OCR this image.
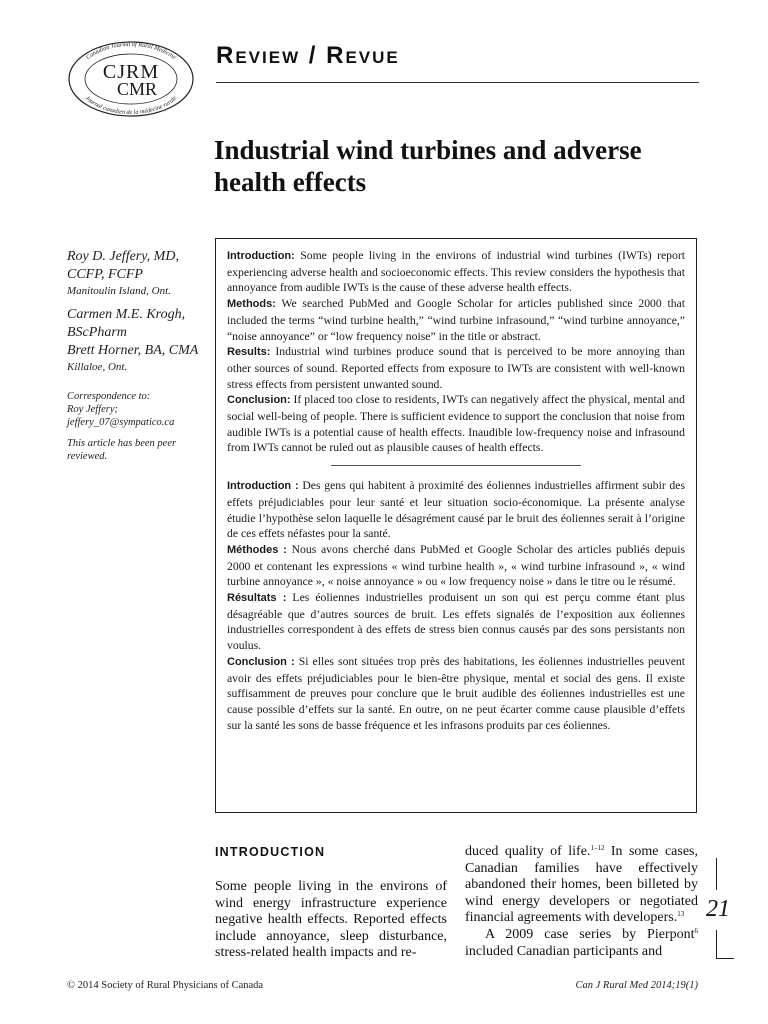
Canadian Journal of Rural Medicine
Journal canadien de la médecine rurale
CJRM
CMR
Review / Revue
Industrial wind turbines and adverse health effects
Roy D. Jeffery, MD, CCFP, FCFP
Manitoulin Island, Ont.
Carmen M.E. Krogh, BScPharm
Brett Horner, BA, CMA
Killaloe, Ont.
Correspondence to:
Roy Jeffery;
jeffery_07@sympatico.ca
This article has been peer reviewed.

Introduction: Some people living in the environs of industrial wind turbines (IWTs) report experiencing adverse health and socioeconomic effects. This review considers the hypothesis that annoyance from audible IWTs is the cause of these adverse health effects.

Methods: We searched PubMed and Google Scholar for articles published since 2000 that included the terms “wind turbine health,” “wind turbine infrasound,” “wind turbine annoyance,” “noise annoyance” or “low frequency noise” in the title or abstract.

Results: Industrial wind turbines produce sound that is perceived to be more annoying than other sources of sound. Reported effects from exposure to IWTs are consistent with well-known stress effects from persistent unwanted sound.

Conclusion: If placed too close to residents, IWTs can negatively affect the physical, mental and social well-being of people. There is sufficient evidence to support the conclusion that noise from audible IWTs is a potential cause of health effects. Inaudible low-frequency noise and infrasound from IWTs cannot be ruled out as plausible causes of health effects.

Introduction : Des gens qui habitent à proximité des éoliennes industrielles affirment subir des effets préjudiciables pour leur santé et leur situation socio-économique. La présente analyse étudie l’hypothèse selon laquelle le désagrément causé par le bruit des éoliennes serait à l’origine de ces effets néfastes pour la santé.

Méthodes : Nous avons cherché dans PubMed et Google Scholar des articles publiés depuis 2000 et contenant les expressions « wind turbine health », « wind turbine infrasound », « wind turbine annoyance », « noise annoyance » ou « low frequency noise » dans le titre ou le résumé.

Résultats : Les éoliennes industrielles produisent un son qui est perçu comme étant plus désagréable que d’autres sources de bruit. Les effets signalés de l’exposition aux éoliennes industrielles correspondent à des effets de stress bien connus causés par des sons persistants non voulus.

Conclusion : Si elles sont situées trop près des habitations, les éoliennes industrielles peuvent avoir des effets préjudiciables pour le bien-être physique, mental et social des gens. Il existe suffisamment de preuves pour conclure que le bruit audible des éoliennes industrielles est une cause possible d’effets sur la santé. En outre, on ne peut écarter comme cause plausible d’effets sur la santé les sons de basse fréquence et les infrasons produits par ces éoliennes.

INTRODUCTION

Some people living in the environs of wind energy infrastructure experience negative health effects. Reported effects include annoyance, sleep disturbance, stress-related health impacts and re-

duced quality of life.$^{1-12}$ In some cases, Canadian families have effectively abandoned their homes, been billeted by wind energy developers or negotiated financial agreements with developers.$^{13}$
A 2009 case series by Pierpont$^6$ included Canadian participants and

21
© 2014 Society of Rural Physicians of Canada	Can J Rural Med 2014;19(1)
